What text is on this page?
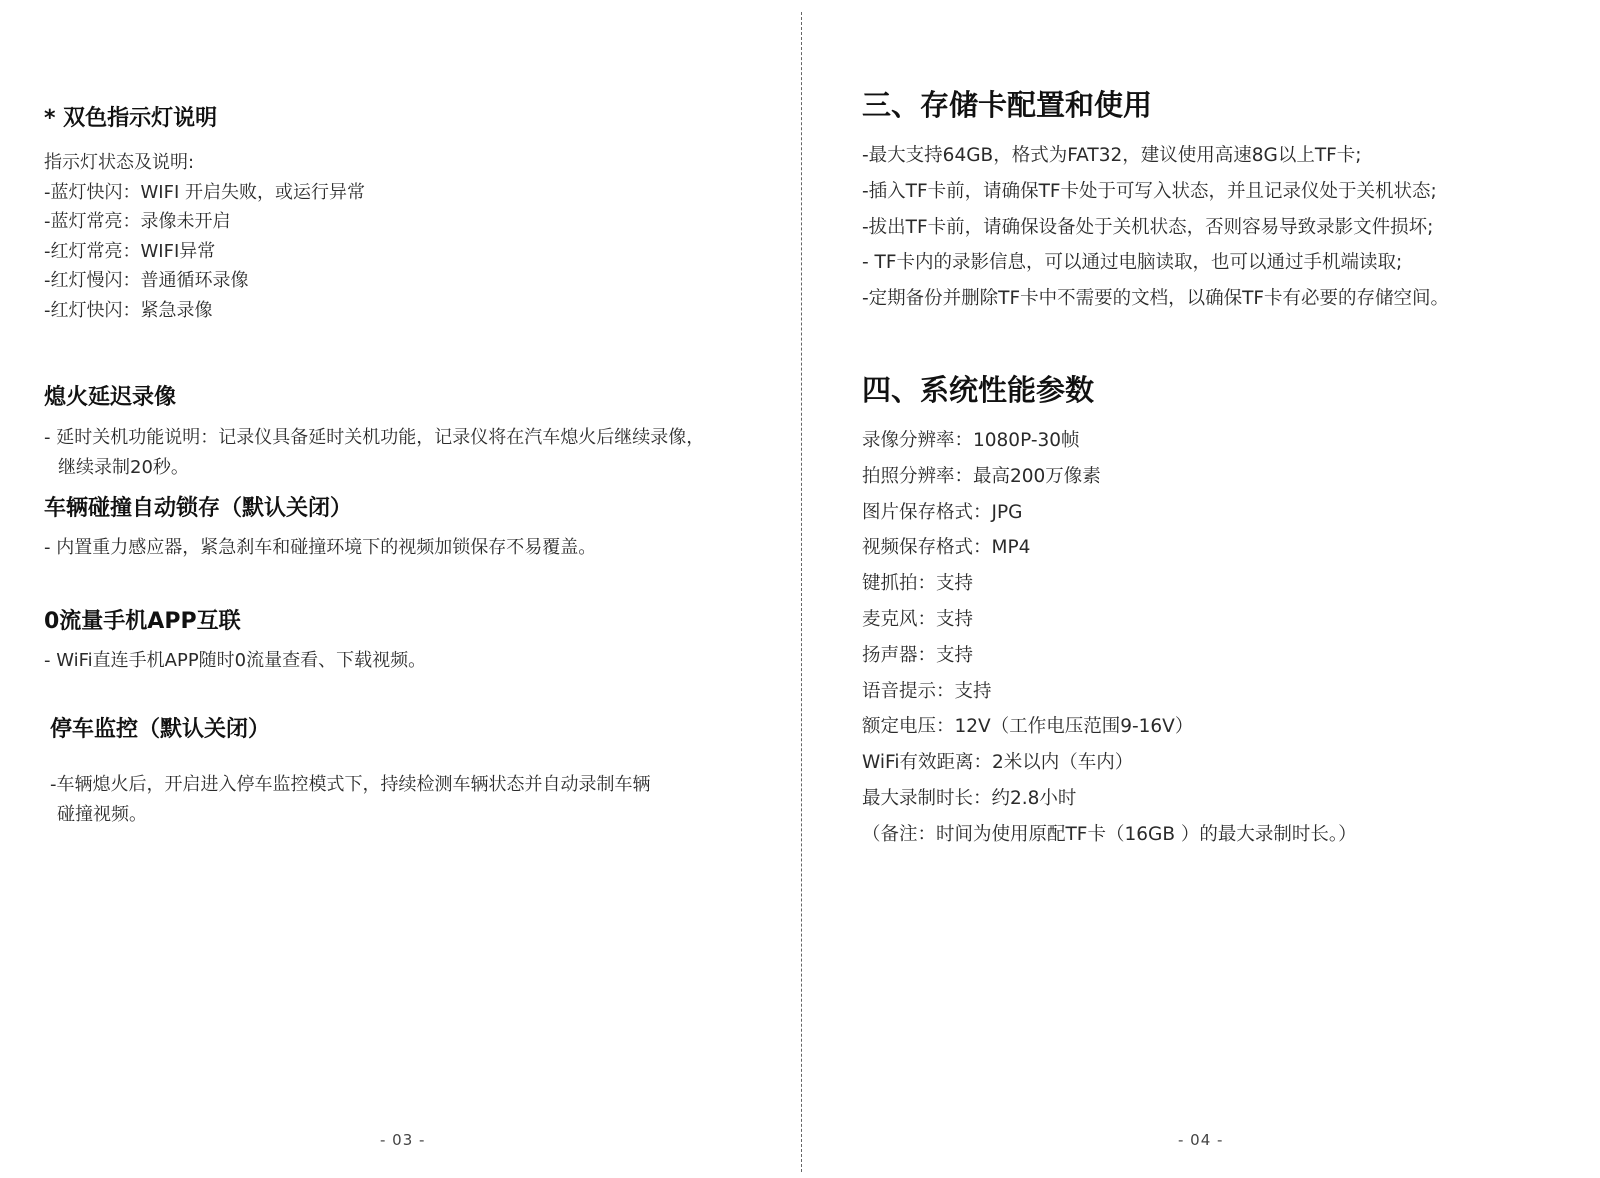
* 双色指示灯说明

指示灯状态及说明:

-蓝灯快闪：WIFI 开启失败，或运行异常

-蓝灯常亮：录像未开启

-红灯常亮：WIFI异常

-红灯慢闪：普通循环录像

-红灯快闪：紧急录像

熄火延迟录像

- 延时关机功能说明：记录仪具备延时关机功能，记录仪将在汽车熄火后继续录像，

继续录制20秒。

车辆碰撞自动锁存（默认关闭）

- 内置重力感应器，紧急刹车和碰撞环境下的视频加锁保存不易覆盖。

0流量手机APP互联

- WiFi直连手机APP随时0流量查看、下载视频。

停车监控（默认关闭）

-车辆熄火后，开启进入停车监控模式下，持续检测车辆状态并自动录制车辆

碰撞视频。

- 03 -
三、存储卡配置和使用

-最大支持64GB，格式为FAT32，建议使用高速8G以上TF卡;

-插入TF卡前，请确保TF卡处于可写入状态，并且记录仪处于关机状态;

-拔出TF卡前，请确保设备处于关机状态，否则容易导致录影文件损坏;

- TF卡内的录影信息，可以通过电脑读取，也可以通过手机端读取;

-定期备份并删除TF卡中不需要的文档，以确保TF卡有必要的存储空间。

四、系统性能参数

录像分辨率：1080P-30帧

拍照分辨率：最高200万像素

图片保存格式：JPG

视频保存格式：MP4

键抓拍：支持

麦克风：支持

扬声器：支持

语音提示：支持

额定电压：12V（工作电压范围9-16V）

WiFi有效距离：2米以内（车内）

最大录制时长：约2.8小时

（备注：时间为使用原配TF卡（16GB ）的最大录制时长。）

- 04 -
